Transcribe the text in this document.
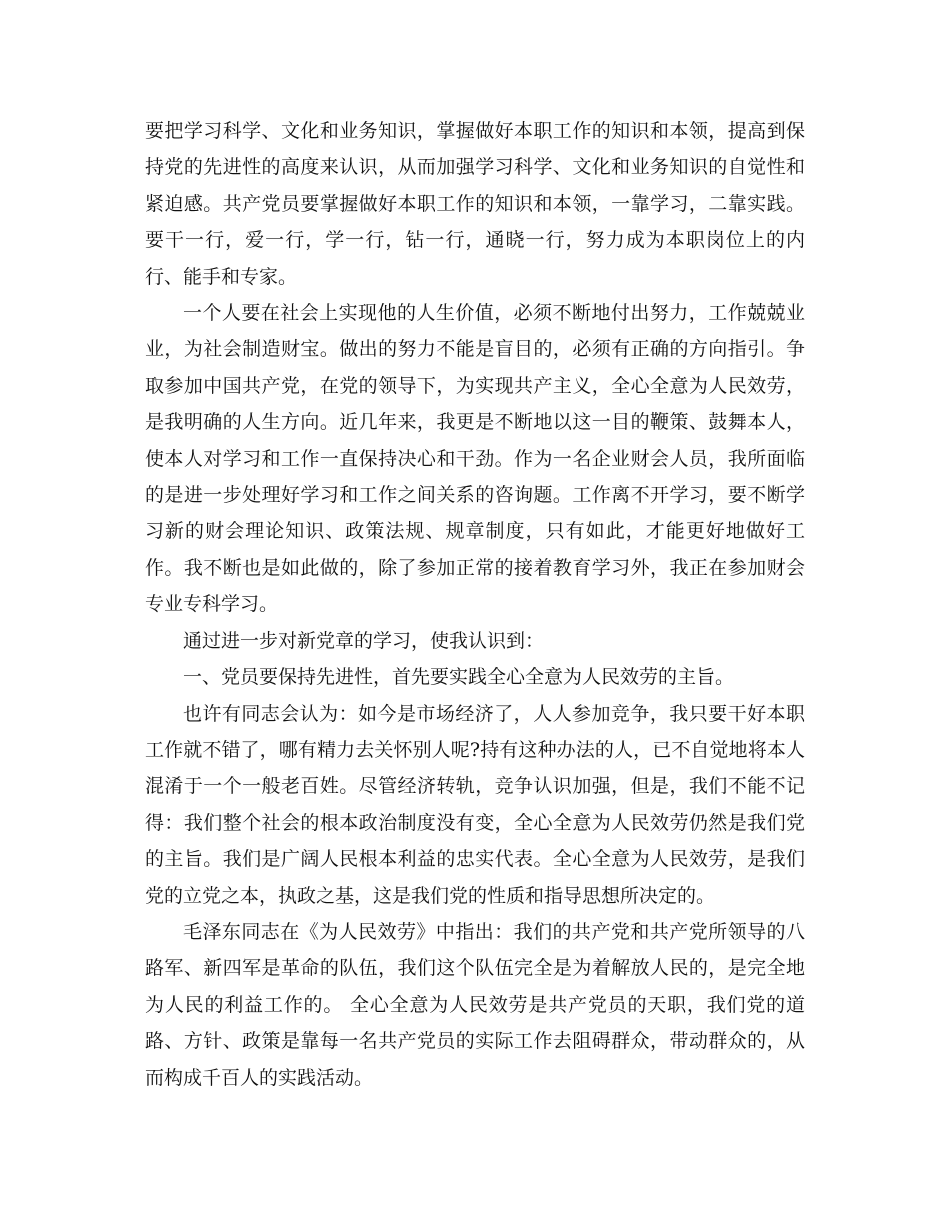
要把学习科学、文化和业务知识，掌握做好本职工作的知识和本领，提高到保持党的先进性的高度来认识，从而加强学习科学、文化和业务知识的自觉性和紧迫感。共产党员要掌握做好本职工作的知识和本领，一靠学习，二靠实践。要干一行，爱一行，学一行，钻一行，通晓一行，努力成为本职岗位上的内行、能手和专家。

一个人要在社会上实现他的人生价值，必须不断地付出努力，工作兢兢业业，为社会制造财宝。做出的努力不能是盲目的，必须有正确的方向指引。争取参加中国共产党，在党的领导下，为实现共产主义，全心全意为人民效劳，是我明确的人生方向。近几年来，我更是不断地以这一目的鞭策、鼓舞本人，使本人对学习和工作一直保持决心和干劲。作为一名企业财会人员，我所面临的是进一步处理好学习和工作之间关系的咨询题。工作离不开学习，要不断学习新的财会理论知识、政策法规、规章制度，只有如此，才能更好地做好工作。我不断也是如此做的，除了参加正常的接着教育学习外，我正在参加财会专业专科学习。

通过进一步对新党章的学习，使我认识到：

一、党员要保持先进性，首先要实践全心全意为人民效劳的主旨。

也许有同志会认为：如今是市场经济了，人人参加竞争，我只要干好本职工作就不错了，哪有精力去关怀别人呢?持有这种办法的人，已不自觉地将本人混淆于一个一般老百姓。尽管经济转轨，竞争认识加强，但是，我们不能不记得：我们整个社会的根本政治制度没有变，全心全意为人民效劳仍然是我们党的主旨。我们是广阔人民根本利益的忠实代表。全心全意为人民效劳，是我们党的立党之本，执政之基，这是我们党的性质和指导思想所决定的。

毛泽东同志在《为人民效劳》中指出：我们的共产党和共产党所领导的八路军、新四军是革命的队伍，我们这个队伍完全是为着解放人民的，是完全地为人民的利益工作的。 全心全意为人民效劳是共产党员的天职，我们党的道路、方针、政策是靠每一名共产党员的实际工作去阻碍群众，带动群众的，从而构成千百人的实践活动。
